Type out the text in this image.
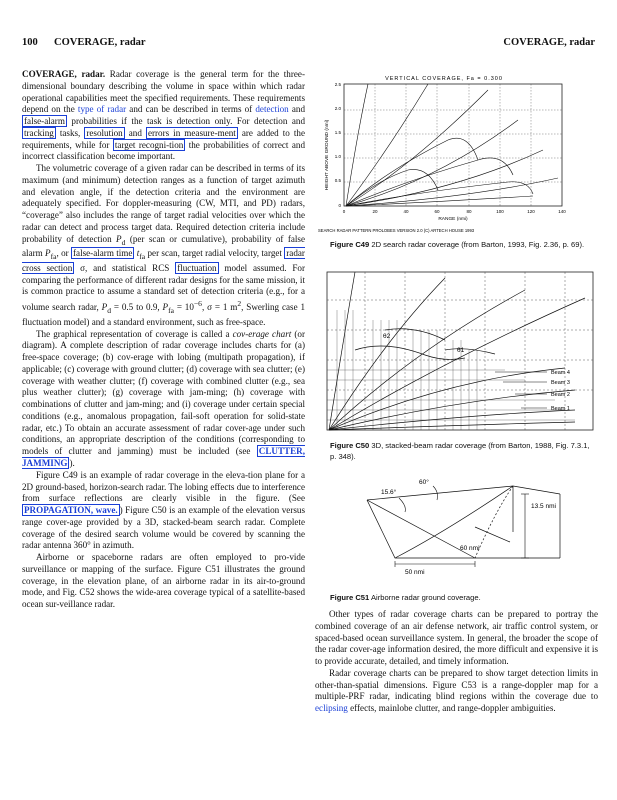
100 COVERAGE, radar	COVERAGE, radar

COVERAGE, radar. Radar coverage is the general term for the three-dimensional boundary describing the volume in space within which radar operational capabilities meet the specified requirements. These requirements depend on the type of radar and can be described in terms of detection and false-alarm probabilities if the task is detection only. For detection and tracking tasks, resolution and errors in measure-ment are added to the requirements, while for target recogni-tion the probabilities of correct and incorrect classification become important.

The volumetric coverage of a given radar can be described in terms of its maximum (and minimum) detection ranges as a function of target azimuth and elevation angle, if the detection criteria and the environment are adequately specified. For doppler-measuring (CW, MTI, and PD) radars, “coverage” also includes the range of target radial velocities over which the radar can detect and process target data. Required detection criteria include probability of detection $P_d$ (per scan or cumulative), probability of false alarm $P_{fa}$, or false-alarm time $t_{fa}$ per scan, target radial velocity, target radar cross section σ, and statistical RCS fluctuation model assumed. For comparing the performance of different radar designs for the same mission, it is common practice to assume a standard set of detection criteria (e.g., for a volume search radar, $P_d = 0.5$ to 0.9, $P_{fa} = 10^{-6}$, σ = 1 $m^2$, Swerling case 1 fluctuation model) and a standard environment, such as free-space.

The graphical representation of coverage is called a cov-erage chart (or diagram). A complete description of radar coverage includes charts for (a) free-space coverage; (b) cov-erage with lobing (multipath propagation), if applicable; (c) coverage with ground clutter; (d) coverage with sea clutter; (e) coverage with weather clutter; (f) coverage with combined clutter (e.g., sea plus weather clutter); (g) coverage with jam-ming; (h) coverage with combinations of clutter and jam-ming; and (i) coverage under certain special conditions (e.g., anomalous propagation, fail-soft operation for solid-state radar, etc.) To obtain an accurate assessment of radar cover-age under such conditions, an appropriate description of the conditions (corresponding to models of clutter and jamming) must be included (see CLUTTER, JAMMING ).

Figure C49 is an example of radar coverage in the eleva-tion plane for a 2D ground-based, horizon-search radar. The lobing effects due to interference from surface reflections are clearly visible in the figure. (See PROPAGATION, wave. ) Figure C50 is an example of the elevation versus range cover-age provided by a 3D, stacked-beam search radar. Complete coverage of the desired search volume would be covered by scanning the radar antenna 360° in azimuth.

Airborne or spaceborne radars are often employed to pro-vide surveillance or mapping of the surface. Figure C51 illustrates the ground coverage, in the elevation plane, of an airborne radar in its air-to-ground mode, and Fig. C52 shows the wide-area coverage typical of a satellite-based ocean sur-veillance radar.

VERTICAL COVERAGE, Fa = 0.300
HEIGHT ABOVE GROUND (nmi)
2.5
2.0
1.5
1.0
0.5
0
0	20	40	60	80	100	120	140
RANGE (nmi)
SEARCH RADAR PATTERN PROLOBES VERSION 2.0 (C) ARTECH HOUSE 1993
Figure C49 2D search radar coverage (from Barton, 1993, Fig. 2.36, p. 69).
θ2
θ1
Beam 4
Beam 3
Beam 2
Beam 1
Figure C50 3D, stacked-beam radar coverage (from Barton, 1988, Fig. 7.3.1, p. 348).
15.6°
60°
13.5 nmi
50 nmi
60 nmi
Figure C51 Airborne radar ground coverage.

Other types of radar coverage charts can be prepared to portray the combined coverage of an air defense network, air traffic control system, or spaced-based ocean surveillance system. In general, the broader the scope of the radar cover-age information desired, the more difficult and expensive it is to provide accurate, detailed, and timely information.

Radar coverage charts can be prepared to show target detection limits in other-than-spatial dimensions. Figure C53 is a range-doppler map for a multiple-PRF radar, indicating blind regions within the coverage due to eclipsing effects, mainlobe clutter, and range-doppler ambiguities.
